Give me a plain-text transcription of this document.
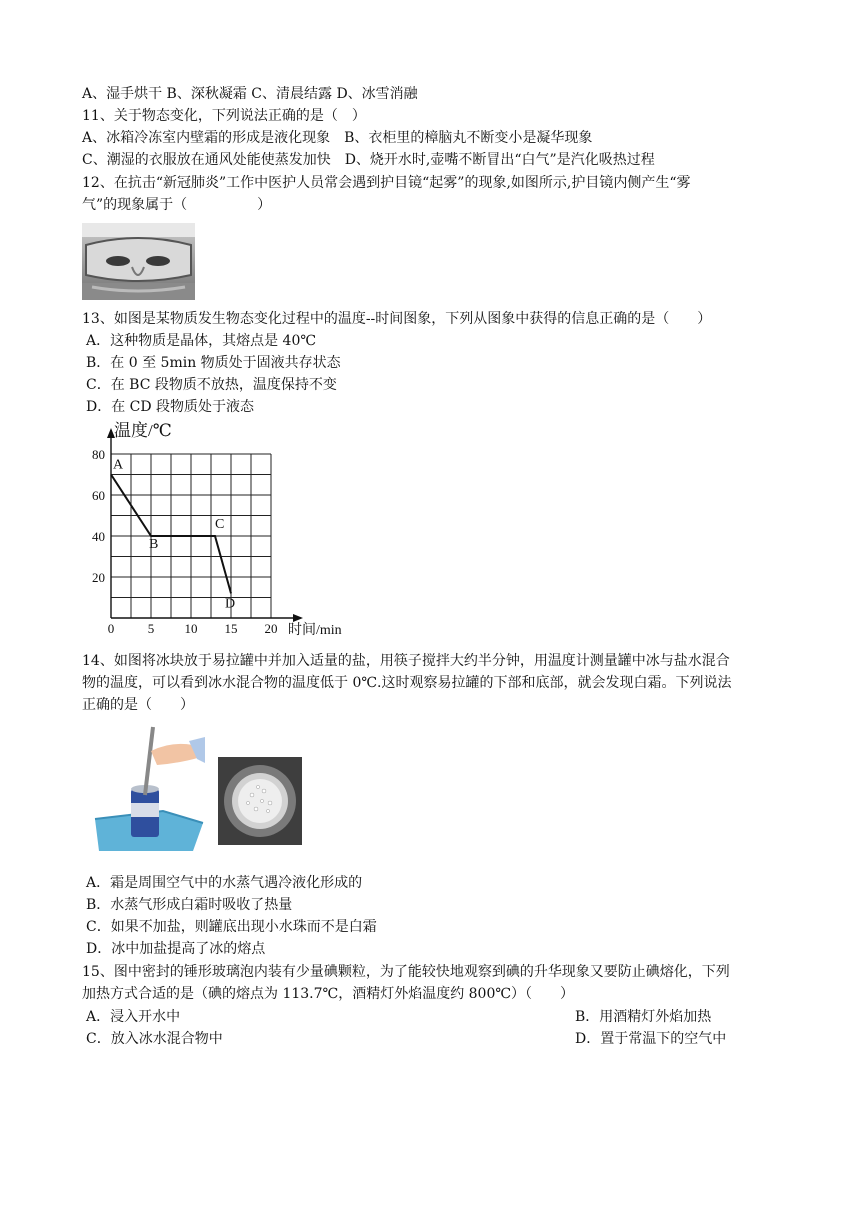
A、湿手烘干 B、深秋凝霜 C、清晨结露 D、冰雪消融
11、关于物态变化，下列说法正确的是（　）
A、冰箱冷冻室内壁霜的形成是液化现象　B、衣柜里的樟脑丸不断变小是凝华现象
C、潮湿的衣服放在通风处能使蒸发加快　D、烧开水时,壶嘴不断冒出“白气”是汽化吸热过程
12、在抗击“新冠肺炎”工作中医护人员常会遇到护目镜“起雾”的现象,如图所示,护目镜内侧产生“雾
气”的现象属于（　　　　　）
13、如图是某物质发生物态变化过程中的温度--时间图象，下列从图象中获得的信息正确的是（　　）
A．这种物质是晶体，其熔点是 40℃
B．在 0 至 5min 物质处于固液共存状态
C．在 BC 段物质不放热，温度保持不变
D．在 CD 段物质处于液态
0	5 10 15 20
20
40
60
80
A
B
C
D
温度/℃
时间/min
14、如图将冰块放于易拉罐中并加入适量的盐，用筷子搅拌大约半分钟，用温度计测量罐中冰与盐水混合
物的温度，可以看到冰水混合物的温度低于 0℃.这时观察易拉罐的下部和底部，就会发现白霜。下列说法
正确的是（　　）
A．霜是周围空气中的水蒸气遇冷液化形成的
B．水蒸气形成白霜时吸收了热量
C．如果不加盐，则罐底出现小水珠而不是白霜
D．冰中加盐提高了冰的熔点
15、图中密封的锤形玻璃泡内装有少量碘颗粒，为了能较快地观察到碘的升华现象又要防止碘熔化，下列
加热方式合适的是（碘的熔点为 113.7℃，酒精灯外焰温度约 800℃）（　　）
A．浸入开水中	B．用酒精灯外焰加热
C．放入冰水混合物中	D．置于常温下的空气中
